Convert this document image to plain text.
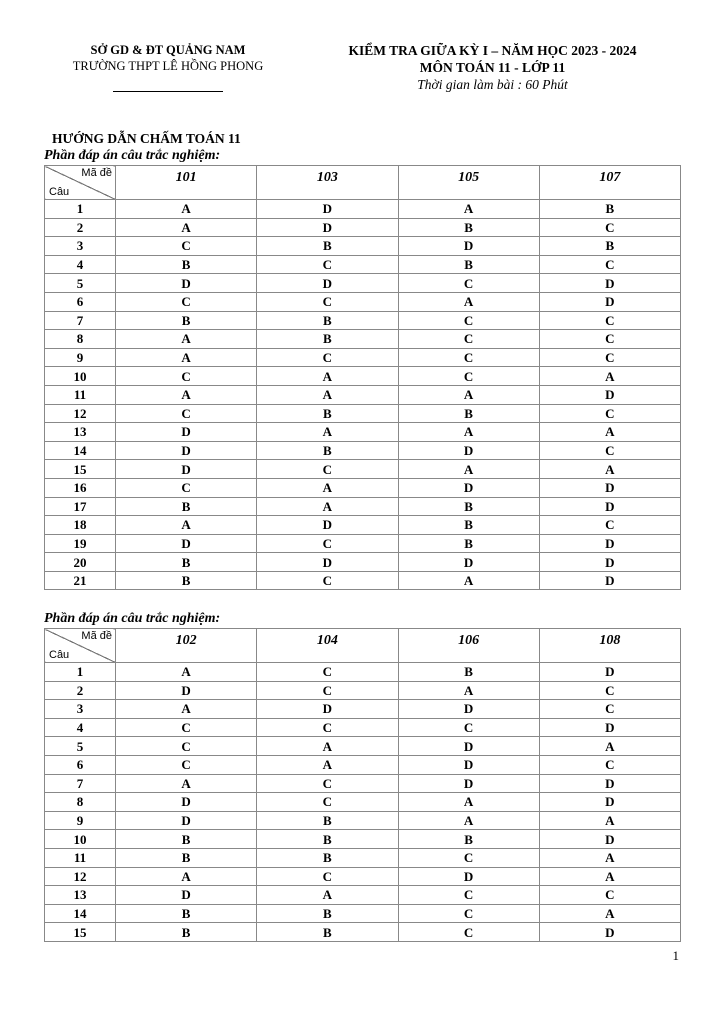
SỞ GD & ĐT QUẢNG NAM
TRƯỜNG THPT LÊ HỒNG PHONG
KIỂM TRA GIỮA KỲ I – NĂM HỌC 2023 - 2024
MÔN TOÁN 11 - LỚP 11
Thời gian làm bài : 60 Phút
HƯỚNG DẪN CHẤM TOÁN 11
Phần đáp án câu trắc nghiệm:
Mã đề
Câu	101	103	105	107
1	A	D	A	B
2	A	D	B	C
3	C	B	D	B
4	B	C	B	C
5	D	D	C	D
6	C	C	A	D
7	B	B	C	C
8	A	B	C	C
9	A	C	C	C
10	C	A	C	A
11	A	A	A	D
12	C	B	B	C
13	D	A	A	A
14	D	B	D	C
15	D	C	A	A
16	C	A	D	D
17	B	A	B	D
18	A	D	B	C
19	D	C	B	D
20	B	D	D	D
21	B	C	A	D
Phần đáp án câu trắc nghiệm:
Mã đề
Câu	102	104	106	108
1	A	C	B	D
2	D	C	A	C
3	A	D	D	C
4	C	C	C	D
5	C	A	D	A
6	C	A	D	C
7	A	C	D	D
8	D	C	A	D
9	D	B	A	A
10	B	B	B	D
11	B	B	C	A
12	A	C	D	A
13	D	A	C	C
14	B	B	C	A
15	B	B	C	D
1
